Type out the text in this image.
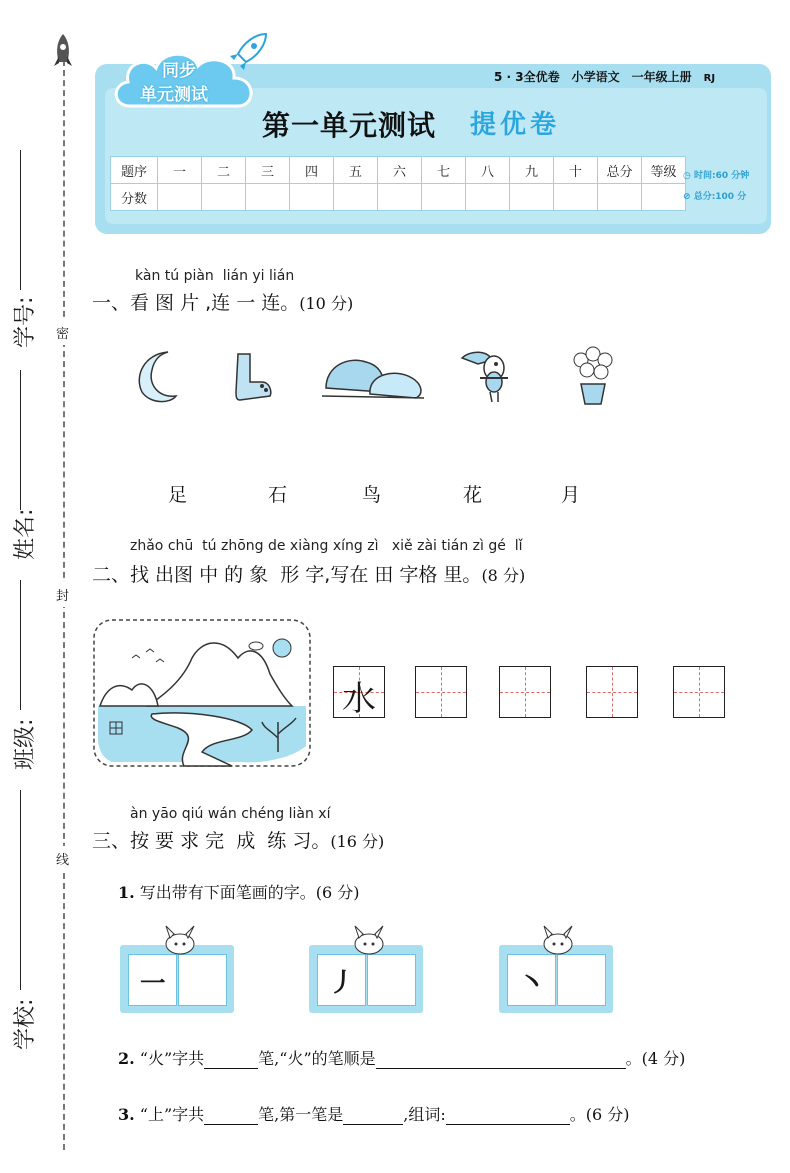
密
封
线
学号:
姓名:
班级:
学校:
5 · 3全优卷 小学语文 一年级上册 RJ
同步
单元测试
第一单元测试 提优卷
题序	一	二	三	四	五	六	七	八	九	十	总分	等级
分数												
◷ 时间:60 分钟
⊘ 总分:100 分
kàn tú piàn  lián yi lián
一、看 图 片 ,连 一 连。(10 分)
足	石	鸟	花	月
zhǎo chū  tú zhōng de xiàng xíng zì   xiě zài tián zì gé  lǐ
二、找 出图 中 的 象  形 字,写在 田 字格 里。(8 分)
水
àn yāo qiú wán chéng liàn xí
三、按 要 求 完  成  练 习。(16 分)
1. 写出带有下面笔画的字。(6 分)
㇐	㇓	㇔
2. “火”字共	笔,“火”的笔顺是	。(4 分)
3. “上”字共	笔,第一笔是	,组词:	。(6 分)
